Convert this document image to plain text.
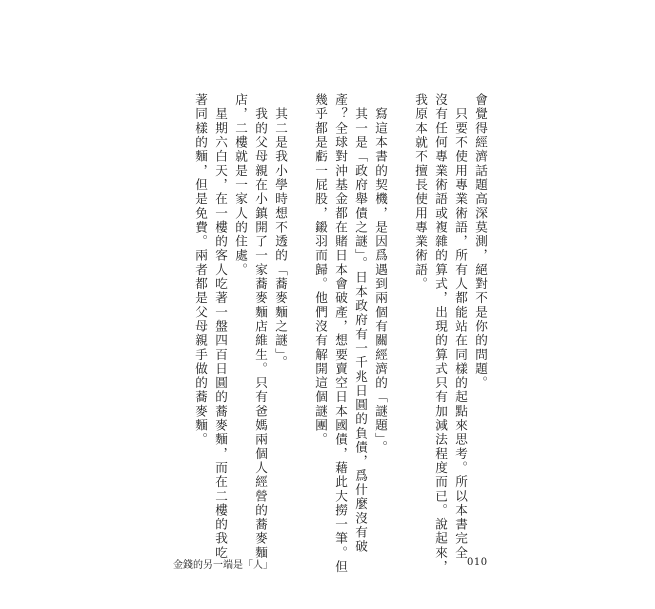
會覺得經濟話題高深莫測，絕對不是你的問題。

　只要不使用專業術語，所有人都能站在同樣的起點來思考。所以本書完全

沒有任何專業術語或複雜的算式，出現的算式只有加減法程度而已。說起來，

我原本就不擅長使用專業術語。

　寫這本書的契機，是因爲遇到兩個有關經濟的「謎題」。

　其一是「政府舉債之謎」。日本政府有一千兆日圓的負債，爲什麼沒有破

產？全球對沖基金都在賭日本會破產，想要賣空日本國債，藉此大撈一筆。但

幾乎都是虧一屁股，鎩羽而歸。他們沒有解開這個謎團。

　其二是我小學時想不透的「蕎麥麵之謎」。

　我的父母親在小鎮開了一家蕎麥麵店維生。只有爸媽兩個人經營的蕎麥麵

店，二樓就是一家人的住處。

　星期六白天，在一樓的客人吃著一盤四百日圓的蕎麥麵，而在二樓的我吃

著同樣的麵，但是免費。兩者都是父母親手做的蕎麥麵。

金錢的另一端是「人」	010
